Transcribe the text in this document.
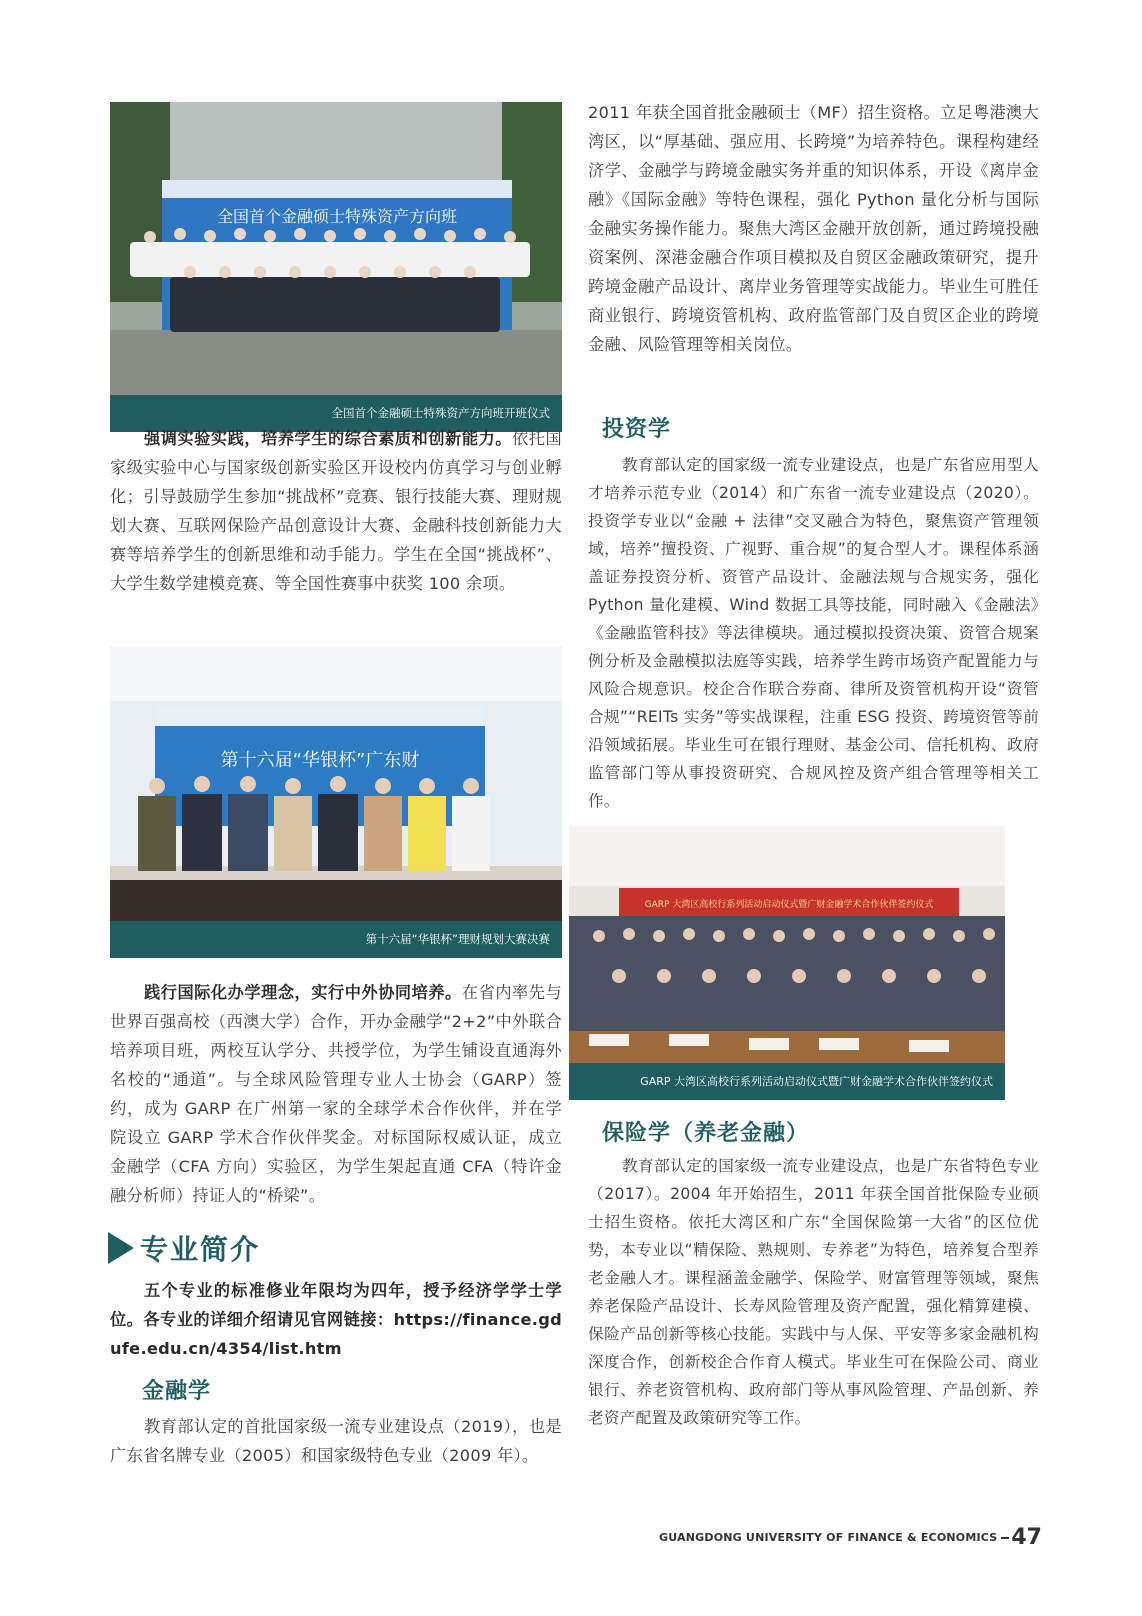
全国首个金融硕士特殊资产方向班
全国首个金融硕士特殊资产方向班开班仪式

强调实验实践，培养学生的综合素质和创新能力。依托国家级实验中心与国家级创新实验区开设校内仿真学习与创业孵化；引导鼓励学生参加“挑战杯”竞赛、银行技能大赛、理财规划大赛、互联网保险产品创意设计大赛、金融科技创新能力大赛等培养学生的创新思维和动手能力。学生在全国“挑战杯”、大学生数学建模竞赛、等全国性赛事中获奖 100 余项。

第十六届“华银杯”广东财
第十六届“华银杯”理财规划大赛决赛

践行国际化办学理念，实行中外协同培养。在省内率先与世界百强高校（西澳大学）合作，开办金融学“2+2”中外联合培养项目班，两校互认学分、共授学位，为学生铺设直通海外名校的“通道”。与全球风险管理专业人士协会（GARP）签约，成为 GARP 在广州第一家的全球学术合作伙伴，并在学院设立 GARP 学术合作伙伴奖金。对标国际权威认证，成立金融学（CFA 方向）实验区，为学生架起直通 CFA（特许金融分析师）持证人的“桥梁”。

专业简介

五个专业的标准修业年限均为四年，授予经济学学士学位。各专业的详细介绍请见官网链接：https://finance.gdufe.edu.cn/4354/list.htm

金融学

教育部认定的首批国家级一流专业建设点（2019），也是广东省名牌专业（2005）和国家级特色专业（2009 年）。

2011 年获全国首批金融硕士（MF）招生资格。立足粤港澳大湾区，以“厚基础、强应用、长跨境”为培养特色。课程构建经济学、金融学与跨境金融实务并重的知识体系，开设《离岸金融》《国际金融》等特色课程，强化 Python 量化分析与国际金融实务操作能力。聚焦大湾区金融开放创新，通过跨境投融资案例、深港金融合作项目模拟及自贸区金融政策研究，提升跨境金融产品设计、离岸业务管理等实战能力。毕业生可胜任商业银行、跨境资管机构、政府监管部门及自贸区企业的跨境金融、风险管理等相关岗位。

投资学

教育部认定的国家级一流专业建设点，也是广东省应用型人才培养示范专业（2014）和广东省一流专业建设点（2020）。投资学专业以“金融 + 法律”交叉融合为特色，聚焦资产管理领域，培养“擅投资、广视野、重合规”的复合型人才。课程体系涵盖证券投资分析、资管产品设计、金融法规与合规实务，强化 Python 量化建模、Wind 数据工具等技能，同时融入《金融法》《金融监管科技》等法律模块。通过模拟投资决策、资管合规案例分析及金融模拟法庭等实践，培养学生跨市场资产配置能力与风险合规意识。校企合作联合券商、律所及资管机构开设“资管合规”“REITs 实务”等实战课程，注重 ESG 投资、跨境资管等前沿领域拓展。毕业生可在银行理财、基金公司、信托机构、政府监管部门等从事投资研究、合规风控及资产组合管理等相关工作。

GARP 大湾区高校行系列活动启动仪式暨广财金融学术合作伙伴签约仪式
GARP 大湾区高校行系列活动启动仪式暨广财金融学术合作伙伴签约仪式
保险学（养老金融）

教育部认定的国家级一流专业建设点，也是广东省特色专业（2017）。2004 年开始招生，2011 年获全国首批保险专业硕士招生资格。依托大湾区和广东“全国保险第一大省”的区位优势，本专业以“精保险、熟规则、专养老”为特色，培养复合型养老金融人才。课程涵盖金融学、保险学、财富管理等领域，聚焦养老保险产品设计、长寿风险管理及资产配置，强化精算建模、保险产品创新等核心技能。实践中与人保、平安等多家金融机构深度合作，创新校企合作育人模式。毕业生可在保险公司、商业银行、养老资管机构、政府部门等从事风险管理、产品创新、养老资产配置及政策研究等工作。

GUANGDONG UNIVERSITY OF FINANCE & ECONOMICS 47
